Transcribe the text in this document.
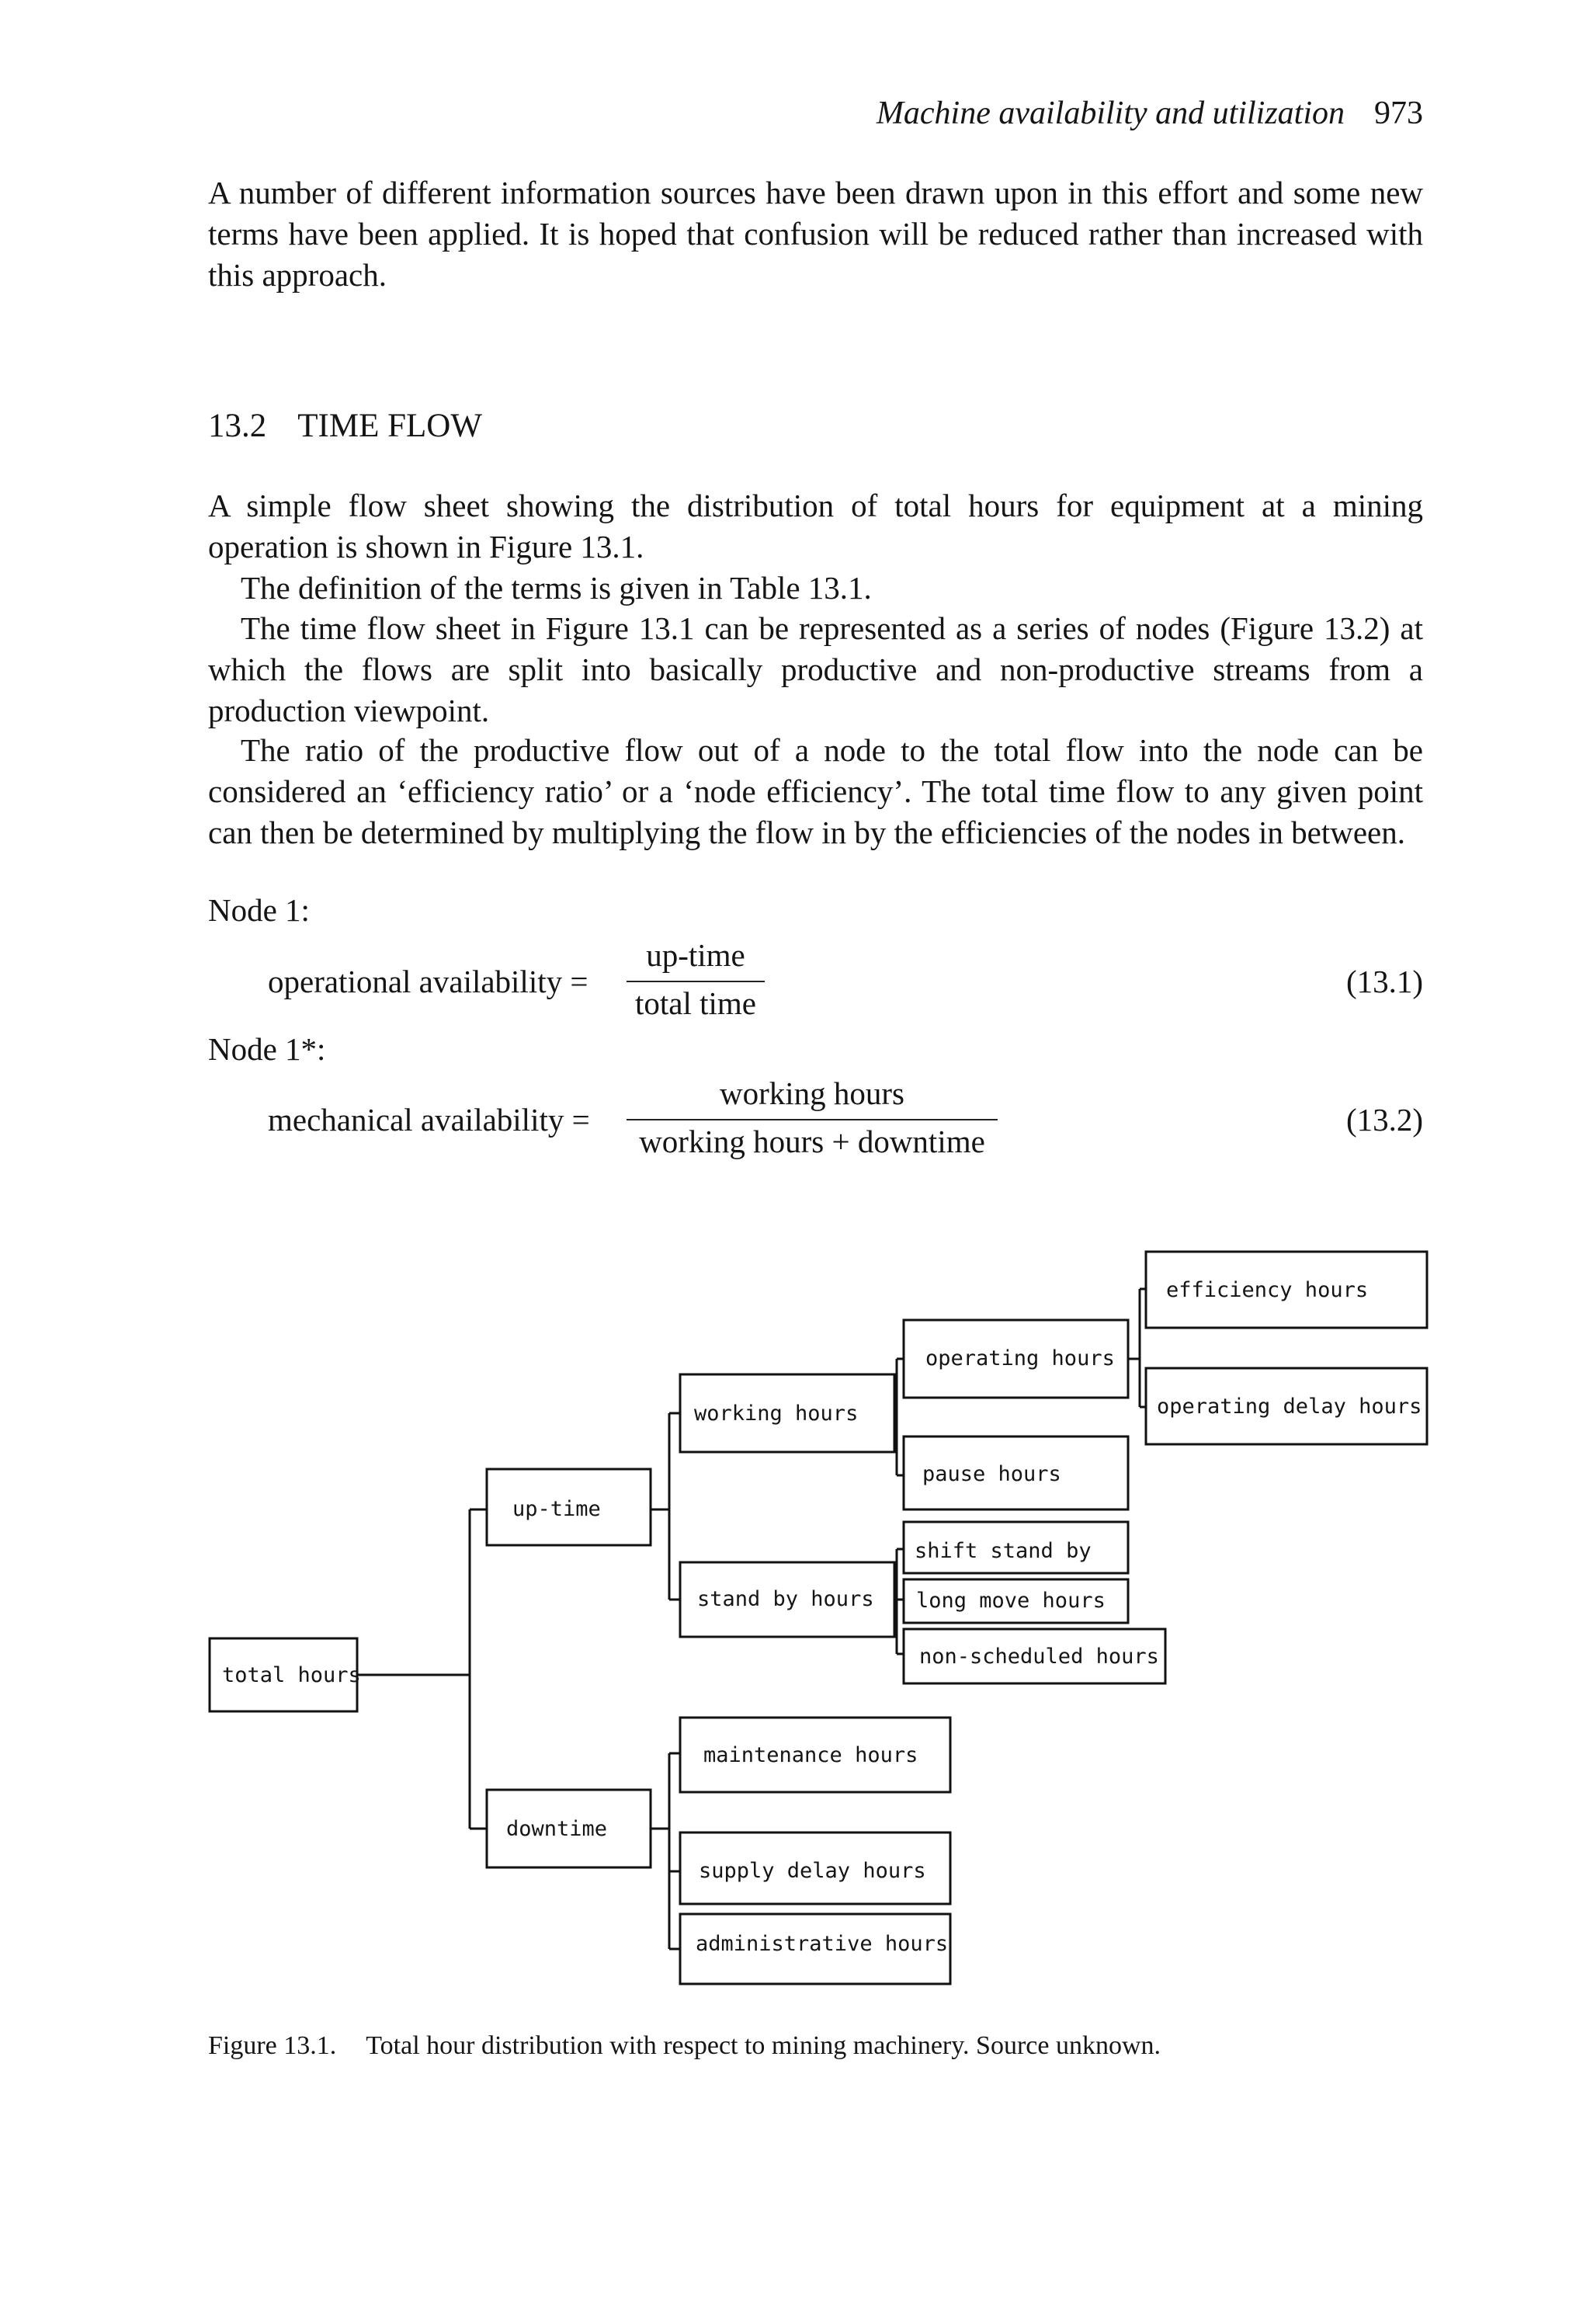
Machine availability and utilization 973

A number of different information sources have been drawn upon in this effort and some new terms have been applied. It is hoped that confusion will be reduced rather than increased with this approach.

13.2 TIME FLOW

A simple flow sheet showing the distribution of total hours for equipment at a mining operation is shown in Figure 13.1.

The definition of the terms is given in Table 13.1.

The time flow sheet in Figure 13.1 can be represented as a series of nodes (Figure 13.2) at which the flows are split into basically productive and non-productive streams from a production viewpoint.

The ratio of the productive flow out of a node to the total flow into the node can be considered an ‘efficiency ratio’ or a ‘node efficiency’. The total time flow to any given point can then be determined by multiplying the flow in by the efficiencies of the nodes in between.

Node 1:
operational availability =
up-time
total time
(13.1)
Node 1*:
mechanical availability =
working hours
working hours + downtime
(13.2)
total hours
up-time
downtime
working hours
stand by hours
maintenance hours
supply delay hours
administrative hours
operating hours
pause hours
shift stand by
long move hours
non-scheduled hours
efficiency hours
operating delay hours
Figure 13.1. Total hour distribution with respect to mining machinery. Source unknown.
